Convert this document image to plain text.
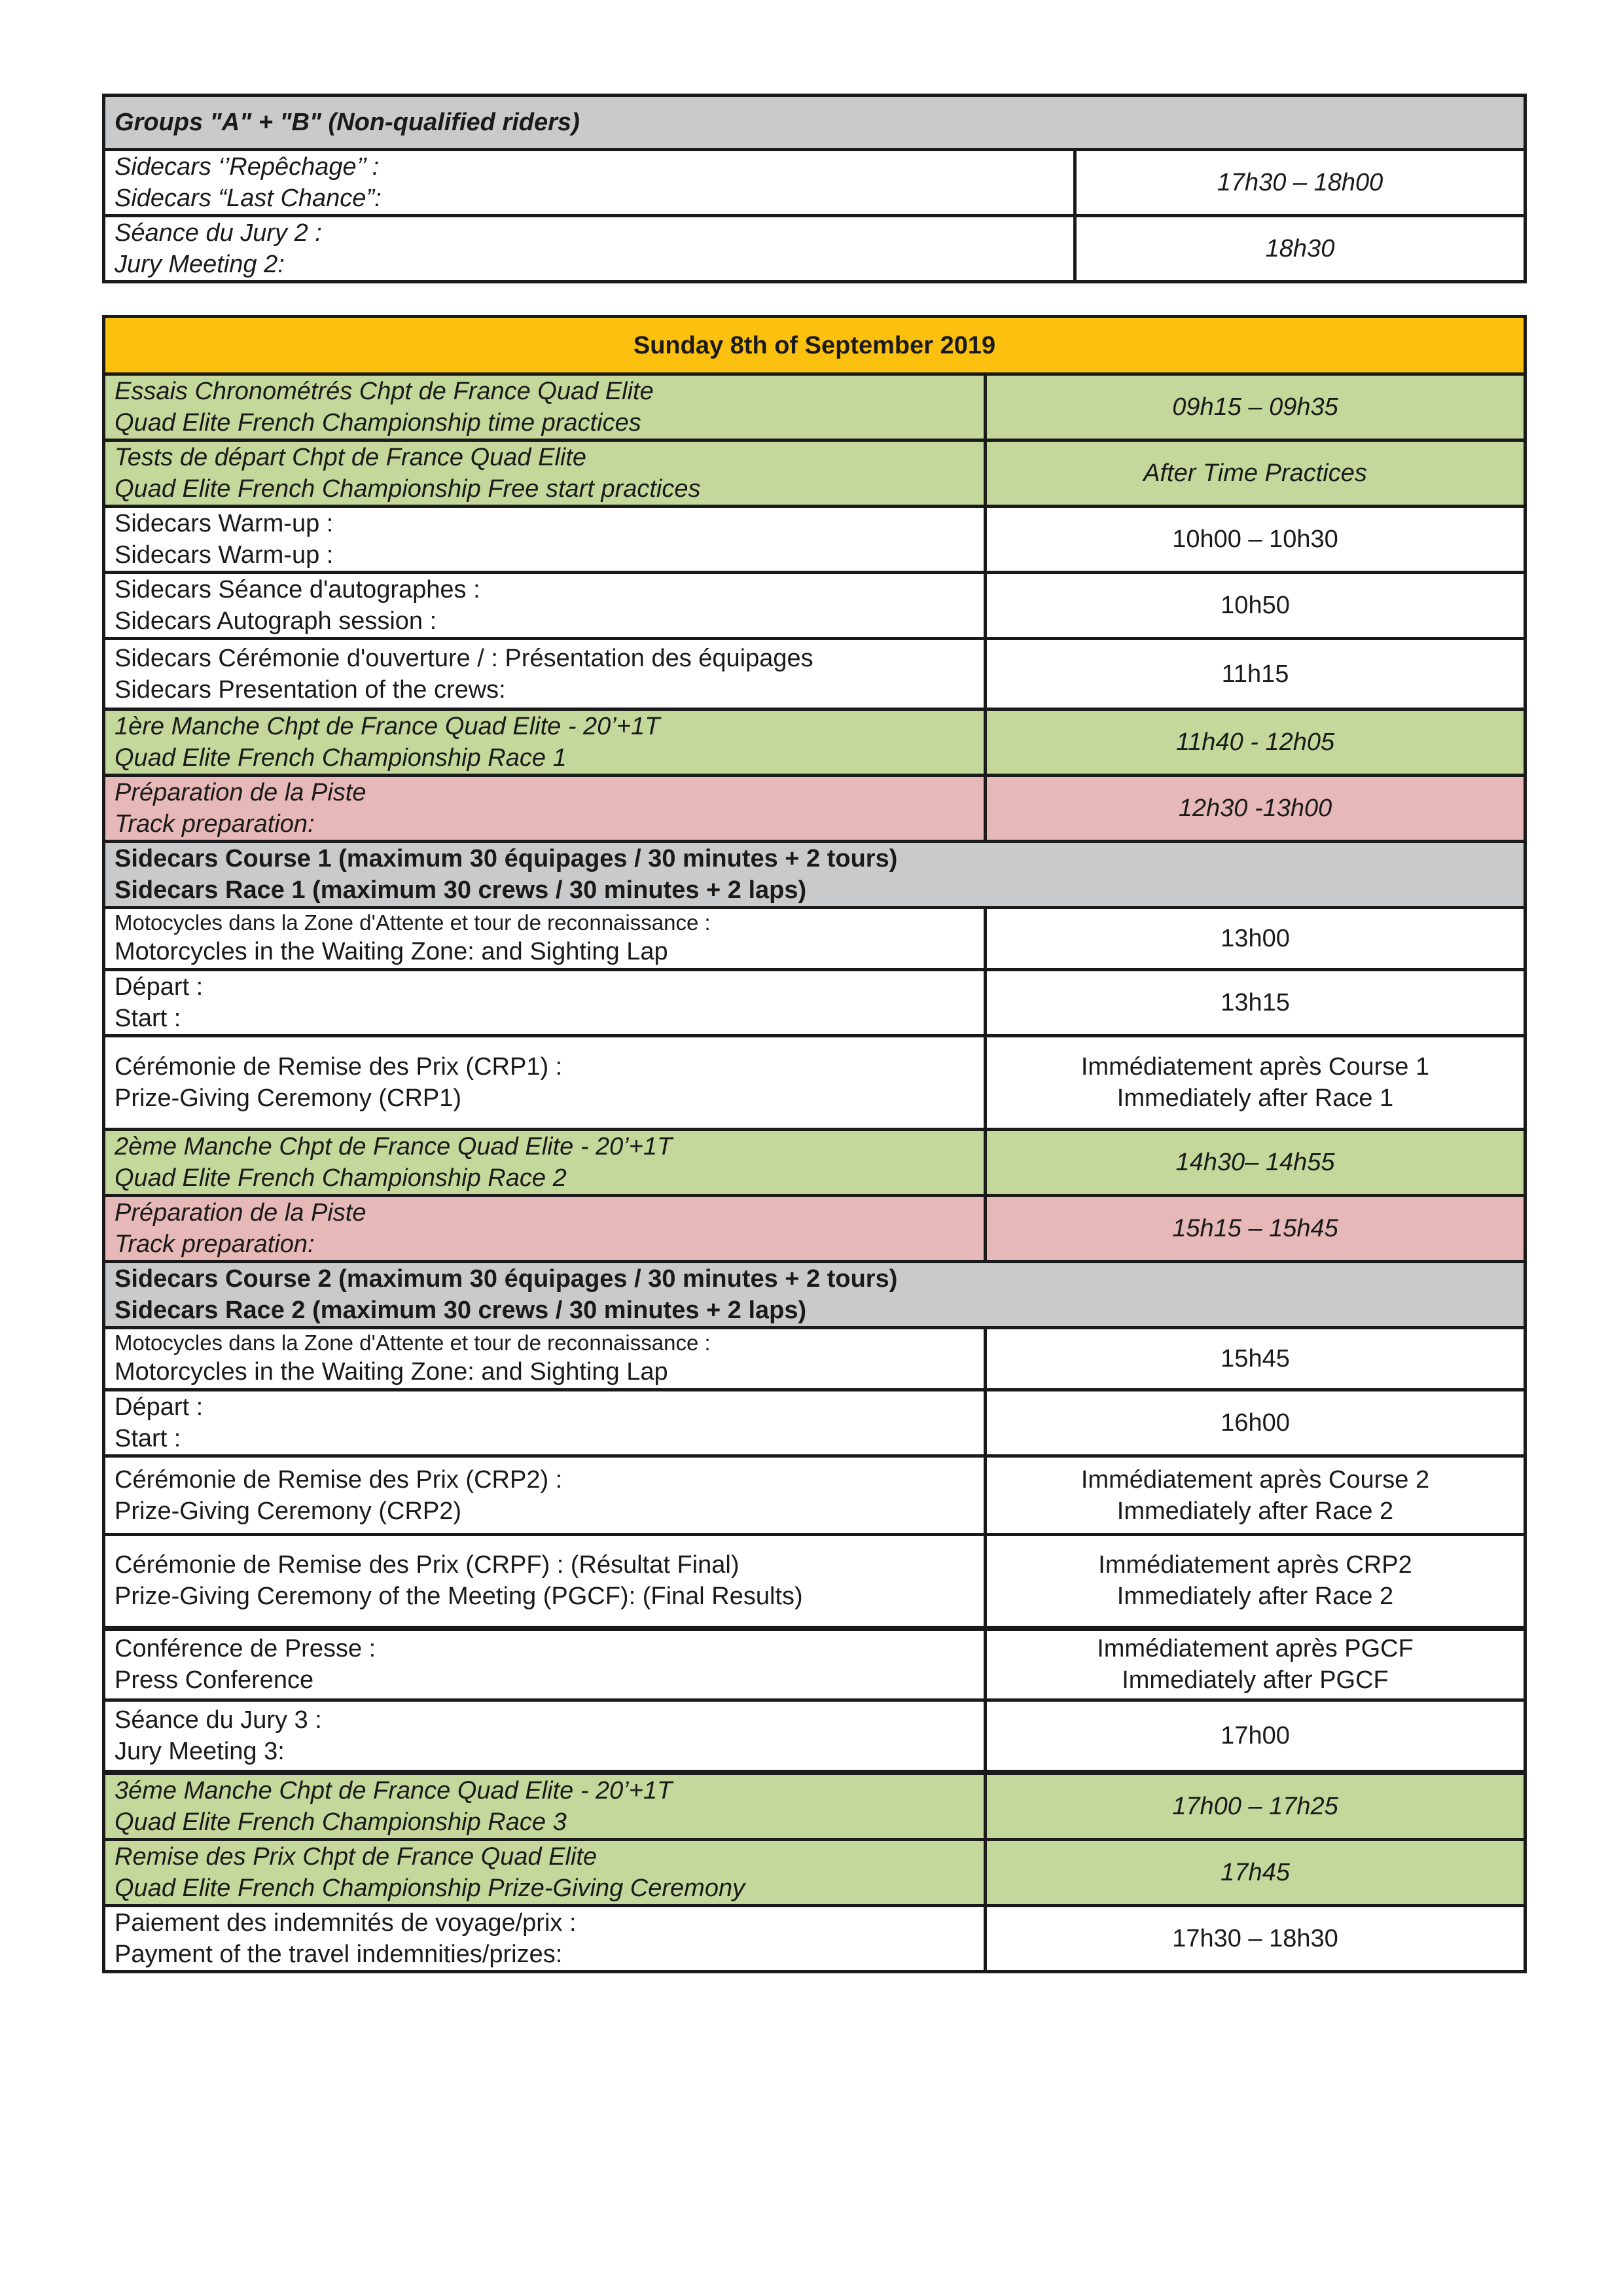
Groups "A" + "B" (Non-qualified riders)	

Sidecars ‘’Repêchage’’ :
Sidecars “Last Chance”:	17h30 – 18h00

Séance du Jury 2 :
Jury Meeting 2:	18h30
Sunday 8th of September 2019	

Essais Chronométrés Chpt de France Quad Elite
Quad Elite French Championship time practices	09h15 – 09h35

Tests de départ Chpt de France Quad Elite
Quad Elite French Championship Free start practices	After Time Practices

Sidecars Warm-up :
Sidecars Warm-up :	10h00 – 10h30

Sidecars Séance d'autographes :
Sidecars Autograph session :	10h50

Sidecars Cérémonie d'ouverture / : Présentation des équipages
Sidecars Presentation of the crews:	11h15

1ère Manche Chpt de France Quad Elite - 20’+1T
Quad Elite French Championship Race 1	11h40 - 12h05

Préparation de la Piste
Track preparation:	12h30 -13h00

Sidecars Course 1 (maximum 30 équipages / 30 minutes + 2 tours)
Sidecars Race 1 (maximum 30 crews / 30 minutes + 2 laps)	

Motocycles dans la Zone d'Attente et tour de reconnaissance :
Motorcycles in the Waiting Zone: and Sighting Lap	13h00

Départ :
Start :	13h15

Cérémonie de Remise des Prix (CRP1) :
Prize-Giving Ceremony (CRP1)	Immédiatement après Course 1
Immediately after Race 1

2ème Manche Chpt de France Quad Elite - 20’+1T
Quad Elite French Championship Race 2	14h30– 14h55

Préparation de la Piste
Track preparation:	15h15 – 15h45

Sidecars Course 2 (maximum 30 équipages / 30 minutes + 2 tours)
Sidecars Race 2 (maximum 30 crews / 30 minutes + 2 laps)	

Motocycles dans la Zone d'Attente et tour de reconnaissance :
Motorcycles in the Waiting Zone: and Sighting Lap	15h45

Départ :
Start :	16h00

Cérémonie de Remise des Prix (CRP2) :
Prize-Giving Ceremony (CRP2)	Immédiatement après Course 2
Immediately after Race 2

Cérémonie de Remise des Prix (CRPF) : (Résultat Final)
Prize-Giving Ceremony of the Meeting (PGCF): (Final Results)	Immédiatement après CRP2
Immediately after Race 2

Conférence de Presse :
Press Conference	Immédiatement après PGCF
Immediately after PGCF

Séance du Jury 3 :
Jury Meeting 3:	17h00

3éme Manche Chpt de France Quad Elite - 20’+1T
Quad Elite French Championship Race 3	17h00 – 17h25

Remise des Prix Chpt de France Quad Elite
Quad Elite French Championship Prize-Giving Ceremony	17h45

Paiement des indemnités de voyage/prix :
Payment of the travel indemnities/prizes:	17h30 – 18h30
